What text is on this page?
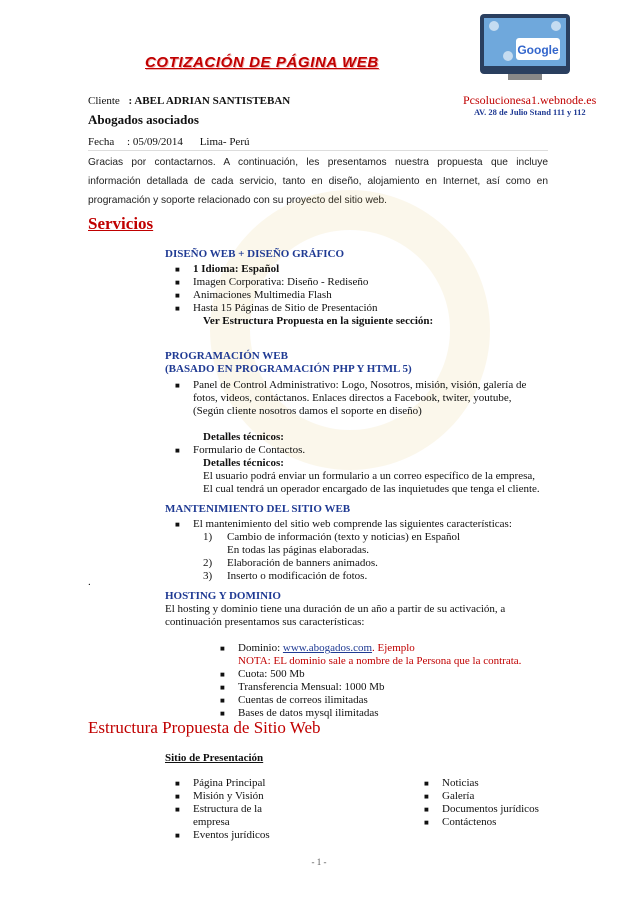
COTIZACIÓN DE PÁGINA WEB
Google
Pcsolucionesa1.webnode.es
AV. 28 de Julio Stand 111 y 112
Cliente : ABEL ADRIAN SANTISTEBAN
Abogados asociados
Fecha : 05/09/2014 Lima- Perú
Gracias por contactarnos. A continuación, les presentamos nuestra propuesta que incluye información detallada de cada servicio, tanto en diseño, alojamiento en Internet, así como en programación y soporte relacionado con su proyecto del sitio web.
Servicios
DISEÑO WEB + DISEÑO GRÁFICO
■ 1 Idioma: Español
■ Imagen Corporativa: Diseño - Rediseño
■ Animaciones Multimedia Flash
■ Hasta 15 Páginas de Sitio de Presentación
Ver Estructura Propuesta en la siguiente sección:
PROGRAMACIÓN WEB
(BASADO EN PROGRAMACIÓN PHP Y HTML 5)
■ Panel de Control Administrativo: Logo, Nosotros, misión, visión, galería de fotos, videos, contáctanos. Enlaces directos a Facebook, twiter, youtube, (Según cliente nosotros damos el soporte en diseño)
Detalles técnicos:
■ Formulario de Contactos.
Detalles técnicos:
El usuario podrá enviar un formulario a un correo específico de la empresa,
El cual tendrá un operador encargado de las inquietudes que tenga el cliente.
MANTENIMIENTO DEL SITIO WEB
■ El mantenimiento del sitio web comprende las siguientes características:
1) Cambio de información (texto y noticias) en Español
En todas las páginas elaboradas.
2) Elaboración de banners animados.
3) Inserto o modificación de fotos.
.
HOSTING Y DOMINIO
El hosting y dominio tiene una duración de un año a partir de su activación, a continuación presentamos sus características:
■ Dominio: www.abogados.com. Ejemplo
NOTA: EL dominio sale a nombre de la Persona que la contrata.
■ Cuota: 500 Mb
■ Transferencia Mensual: 1000 Mb
■ Cuentas de correos ilimitadas
■ Bases de datos mysql ilimitadas
Estructura Propuesta de Sitio Web
Sitio de Presentación
■ Página Principal
■ Misión y Visión
■ Estructura de la empresa
■ Eventos jurídicos
■ Noticias
■ Galería
■ Documentos jurídicos
■ Contáctenos
- 1 -
